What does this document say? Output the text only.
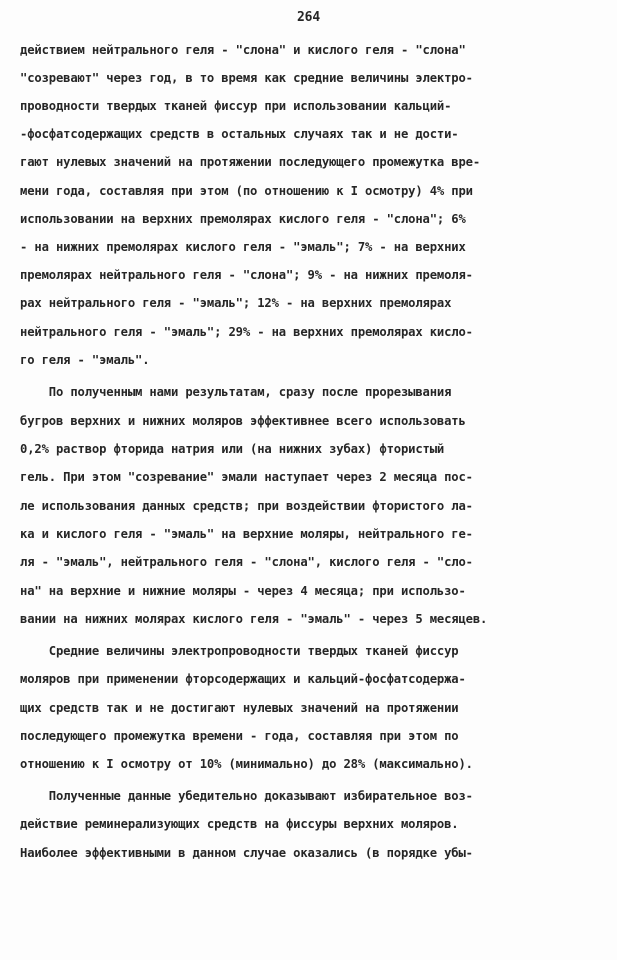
264
действием нейтрального геля - "слона" и кислого геля - "слона"
"созревают" через год, в то время как средние величины электро-
проводности твердых тканей фиссур при использовании кальций-
-фосфатсодержащих средств в остальных случаях так и не дости-
гают нулевых значений на протяжении последующего промежутка вре-
мени года, составляя при этом (по отношению к I осмотру) 4% при
использовании на верхних премолярах кислого геля - "слона"; 6%
- на нижних премолярах кислого геля - "эмаль"; 7% - на верхних
премолярах нейтрального геля - "слона"; 9% - на нижних премоля-
рах нейтрального геля - "эмаль"; 12% - на верхних премолярах
нейтрального геля - "эмаль"; 29% - на верхних премолярах кисло-
го геля - "эмаль".
По полученным нами результатам, сразу после прорезывания
бугров верхних и нижних моляров эффективнее всего использовать
0,2% раствор фторида натрия или (на нижних зубах) фтористый
гель. При этом "созревание" эмали наступает через 2 месяца пос-
ле использования данных средств; при воздействии фтористого ла-
ка и кислого геля - "эмаль" на верхние моляры, нейтрального ге-
ля - "эмаль", нейтрального геля - "слона", кислого геля - "сло-
на" на верхние и нижние моляры - через 4 месяца; при использо-
вании на нижних молярах кислого геля - "эмаль" - через 5 месяцев.
Средние величины электропроводности твердых тканей фиссур
моляров при применении фторсодержащих и кальций-фосфатсодержа-
щих средств так и не достигают нулевых значений на протяжении
последующего промежутка времени - года, составляя при этом по
отношению к I осмотру от 10% (минимально) до 28% (максимально).
Полученные данные убедительно доказывают избирательное воз-
действие реминерализующих средств на фиссуры верхних моляров.
Наиболее эффективными в данном случае оказались (в порядке убы-
